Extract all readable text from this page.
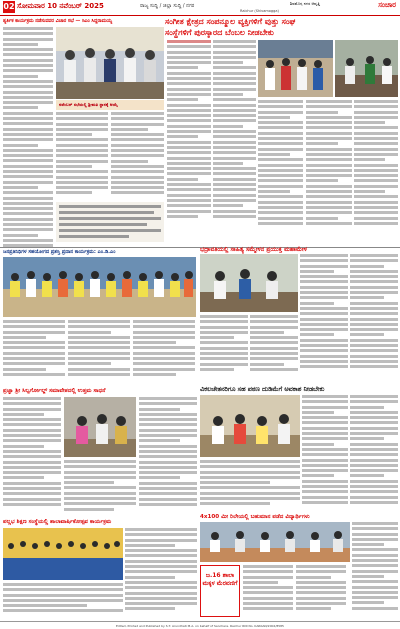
02 ಸೋಮವಾರ 10 ನವೆಂಬರ್ 2025	ರಾಜ್ಯ ಸುದ್ದಿ / ಜಿಲ್ಲಾ ಸುದ್ದಿ / ನಗರ
Raichur (Shivamogga)
ಶಿವಮೊಗ್ಗ ನಗರ ಆವೃತ್ತಿ	ಸಂಚಾರ
ಶ್ಯರ್ತಿಕ ಕಾರ್ಯಕ್ರಮ ನಡೆಸುವವರ ವಿಚಾರ ಸಭೆ — ಸಿಎಂ ಸಿದ್ದರಾಮಯ್ಯ	ಸಂಗೀತ ಕ್ಷೇತ್ರದ ಸಂಪನ್ಮೂಲ ವ್ಯಕ್ತಿಗಳಿಗೆ ವುತ್ತು ಸಂಘ
ಸಂಸ್ಥೆಗಳಿಗೆ ಪುರಸ್ಕಾರದ ಬೆಂಬಲ ನೀಡಬೇಕು
ನವೆಂಬರ್ ಸಭೆಯಲ್ಲಿ ಶ್ರೀಮತಿ ಸ್ಥಾನಕ್ಕೆ ಆಯ್ಕೆ
ಜನಪ್ರತಿನಿಧಿಗಳ ಸಹಯೋಗದ ಪ್ರಶಸ್ತಿ ಪ್ರದಾನ ಕಾರ್ಯಕ್ರಮ: ಎಂ.ಡಿ.ಎಂ	ಭದ್ರಾವತಿಯಲ್ಲಿ ಸಾಹಿತ್ಯ ಸಮ್ಮೇಳನ ಪ್ರಯುಕ್ತ ಮಹಾಮೇಳ
ಪ್ರಜ್ಞಾ ಶ್ರೀ ಸಿಲ್ವರ್ಗೋಲ್ಡ್ ಸಮಾವೇಶದಲ್ಲಿ ಉತ್ತಮ ಸಾಧನೆ	ವಿಕಲಚೇತನರಿಗೂ ಸಹ ಪಠಣ ದುಡಿಮೆಗೆ ಅವಕಾಶ ನೀಡಬೇಕು
ಪಲ್ಲಭ ಶಿಕ್ಷಣ ಸಂಸ್ಥೆಯಲ್ಲಿ ಶಾಲಾವಾರ್ಷಿಕೋತ್ಸವ ಕಾರ್ಯಕ್ರಮ
4x100 ಮೀ ರಿಲೇಯಲ್ಲಿ ಬಹುಮಾನ ಪಡೆದ ವಿದ್ಯಾರ್ಥಿಗಳು
ಜ.16 ಶಾಲಾ ಮಕ್ಕಳ ಮೆರವಣಿಗೆ
Edited, Printed and Published by S.T. Arundhati M.A. on behalf of Sanchara. Raichur RNI No. KARKAN/2002/8585
